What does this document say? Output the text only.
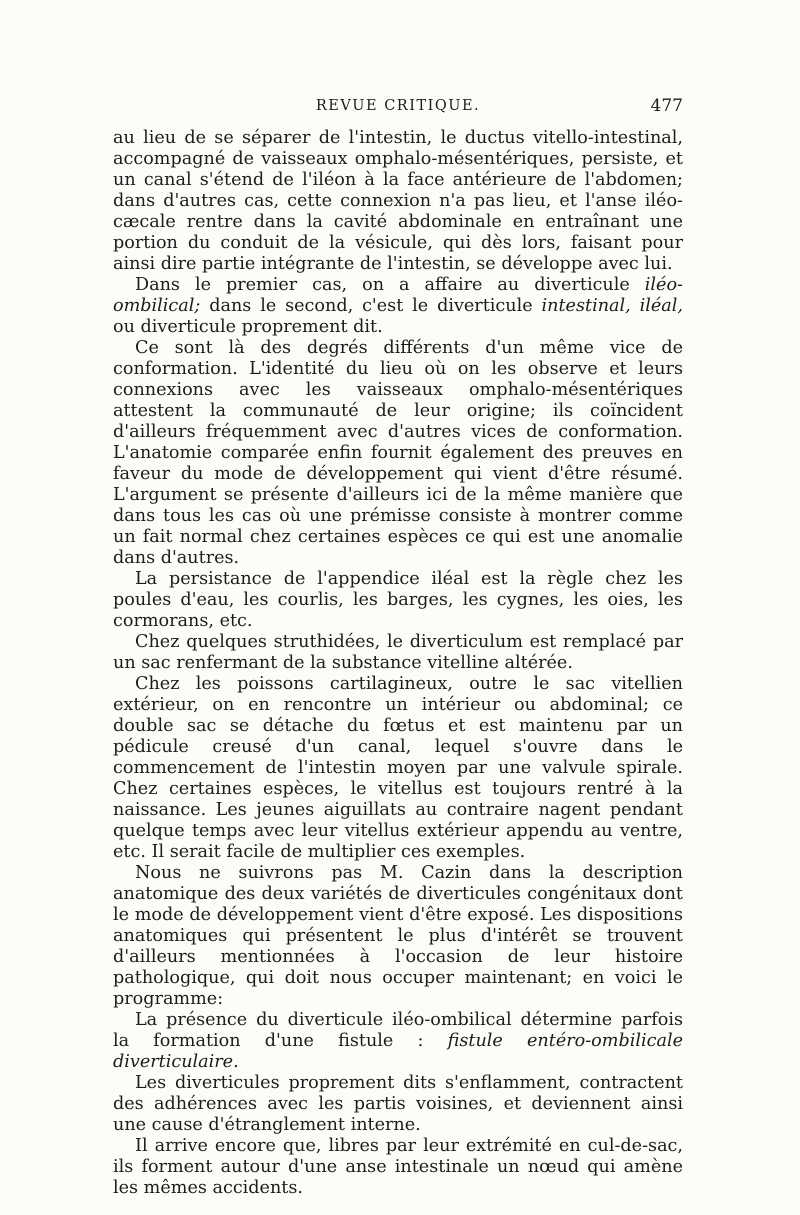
REVUE CRITIQUE.	477

au lieu de se séparer de l'intestin, le ductus vitello-intestinal, accompagné de vaisseaux omphalo-mésentériques, persiste, et un canal s'étend de l'iléon à la face antérieure de l'abdomen; dans d'autres cas, cette connexion n'a pas lieu, et l'anse iléo-cæcale rentre dans la cavité abdominale en entraînant une portion du conduit de la vésicule, qui dès lors, faisant pour ainsi dire partie intégrante de l'intestin, se développe avec lui.

Dans le premier cas, on a affaire au diverticule iléo-ombilical; dans le second, c'est le diverticule intestinal, iléal, ou diverticule proprement dit.

Ce sont là des degrés différents d'un même vice de conformation. L'identité du lieu où on les observe et leurs connexions avec les vaisseaux omphalo-mésentériques attestent la communauté de leur origine; ils coïncident d'ailleurs fréquemment avec d'autres vices de conformation. L'anatomie comparée enfin fournit également des preuves en faveur du mode de développement qui vient d'être résumé. L'argument se présente d'ailleurs ici de la même manière que dans tous les cas où une prémisse consiste à montrer comme un fait normal chez certaines espèces ce qui est une anomalie dans d'autres.

La persistance de l'appendice iléal est la règle chez les poules d'eau, les courlis, les barges, les cygnes, les oies, les cormorans, etc.

Chez quelques struthidées, le diverticulum est remplacé par un sac renfermant de la substance vitelline altérée.

Chez les poissons cartilagineux, outre le sac vitellien extérieur, on en rencontre un intérieur ou abdominal; ce double sac se détache du fœtus et est maintenu par un pédicule creusé d'un canal, lequel s'ouvre dans le commencement de l'intestin moyen par une valvule spirale. Chez certaines espèces, le vitellus est toujours rentré à la naissance. Les jeunes aiguillats au contraire nagent pendant quelque temps avec leur vitellus extérieur appendu au ventre, etc. Il serait facile de multiplier ces exemples.

Nous ne suivrons pas M. Cazin dans la description anatomique des deux variétés de diverticules congénitaux dont le mode de développement vient d'être exposé. Les dispositions anatomiques qui présentent le plus d'intérêt se trouvent d'ailleurs mentionnées à l'occasion de leur histoire pathologique, qui doit nous occuper maintenant; en voici le programme:

La présence du diverticule iléo-ombilical détermine parfois la formation d'une fistule : fistule entéro-ombilicale diverticulaire.

Les diverticules proprement dits s'enflamment, contractent des adhérences avec les partis voisines, et deviennent ainsi une cause d'étranglement interne.

Il arrive encore que, libres par leur extrémité en cul-de-sac, ils forment autour d'une anse intestinale un nœud qui amène les mêmes accidents.
